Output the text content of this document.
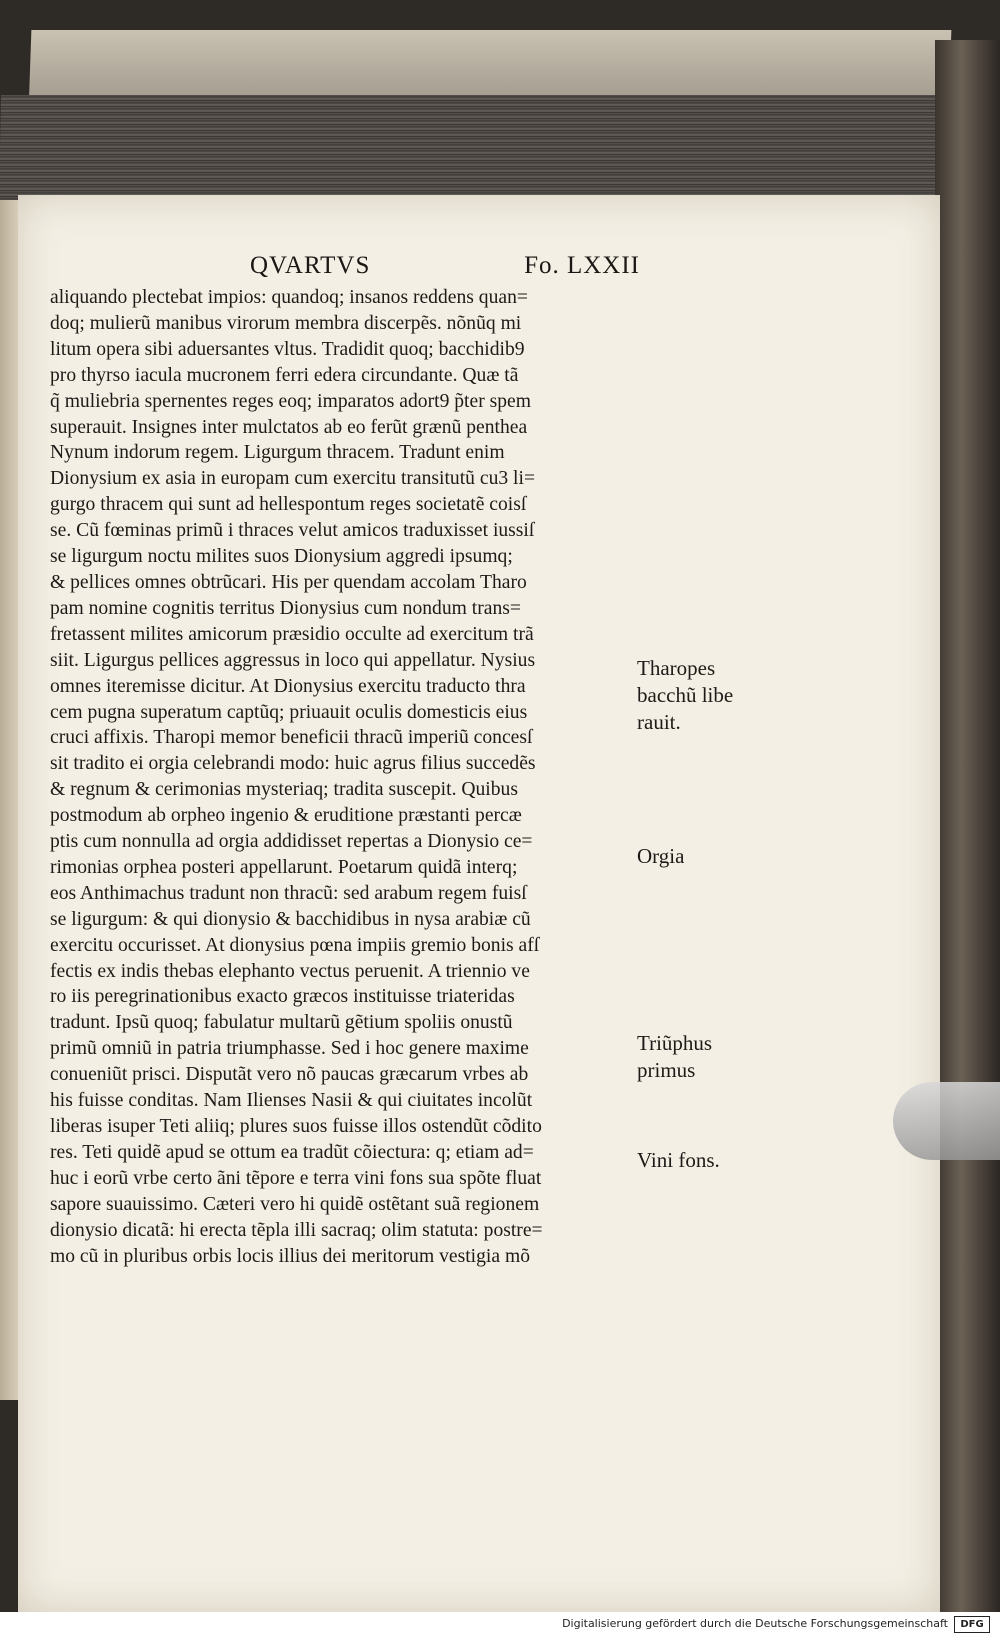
QVARTVS	Fo. LXXII
aliquando plectebat impios: quandoq; insanos reddens quan=
doq; mulierũ manibus virorum membra discerpẽs. nõnũq mi
litum opera sibi aduersantes vltus. Tradidit quoq; bacchidib9
pro thyrso iacula mucronem ferri edera circundante. Quæ tã
q̃ muliebria spernentes reges eoq; imparatos adort9 p̃ter spem
superauit. Insignes inter mulctatos ab eo ferũt grænũ penthea
Nynum indorum regem. Ligurgum thracem. Tradunt enim
Dionysium ex asia in europam cum exercitu transitutũ cu3 li=
gurgo thracem qui sunt ad hellespontum reges societatẽ coisſ
se. Cũ fœminas primũ i thraces velut amicos traduxisset iussiſ
se ligurgum noctu milites suos Dionysium aggredi ipsumq;
& pellices omnes obtrũcari. His per quendam accolam Tharo
pam nomine cognitis territus Dionysius cum nondum trans=
fretassent milites amicorum præsidio occulte ad exercitum trã
siit. Ligurgus pellices aggressus in loco qui appellatur. Nysius
omnes iteremisse dicitur. At Dionysius exercitu traducto thra
cem pugna superatum captũq; priuauit oculis domesticis eius
cruci affixis. Tharopi memor beneficii thracũ imperiũ concesſ
sit tradito ei orgia celebrandi modo: huic agrus filius succedẽs
& regnum & cerimonias mysteriaq; tradita suscepit. Quibus
postmodum ab orpheo ingenio & eruditione præstanti percæ
ptis cum nonnulla ad orgia addidisset repertas a Dionysio ce=
rimonias orphea posteri appellarunt. Poetarum quidã interq;
eos Anthimachus tradunt non thracũ: sed arabum regem fuisſ
se ligurgum: & qui dionysio & bacchidibus in nysa arabiæ cũ
exercitu occurisset. At dionysius pœna impiis gremio bonis afſ
fectis ex indis thebas elephanto vectus peruenit. A triennio ve
ro iis peregrinationibus exacto græcos instituisse triateridas
tradunt. Ipsũ quoq; fabulatur multarũ gẽtium spoliis onustũ
primũ omniũ in patria triumphasse. Sed i hoc genere maxime
conueniũt prisci. Disputãt vero nõ paucas græcarum vrbes ab
his fuisse conditas. Nam Ilienses Nasii & qui ciuitates incolũt
liberas isuper Teti aliiq; plures suos fuisse illos ostendũt cõdito
res. Teti quidẽ apud se ottum ea tradũt cõiectura: q; etiam ad=
huc i eorũ vrbe certo ãni tẽpore e terra vini fons sua spõte fluat
sapore suauissimo. Cæteri vero hi quidẽ ostẽtant suã regionem
dionysio dicatã: hi erecta tẽpla illi sacraq; olim statuta: postre=
mo cũ in pluribus orbis locis illius dei meritorum vestigia mõ
Tharopes
bacchũ libe
rauit.
Orgia
Triũphus
primus
Vini fons.
Digitalisierung gefördert durch die Deutsche Forschungsgemeinschaft	DFG
